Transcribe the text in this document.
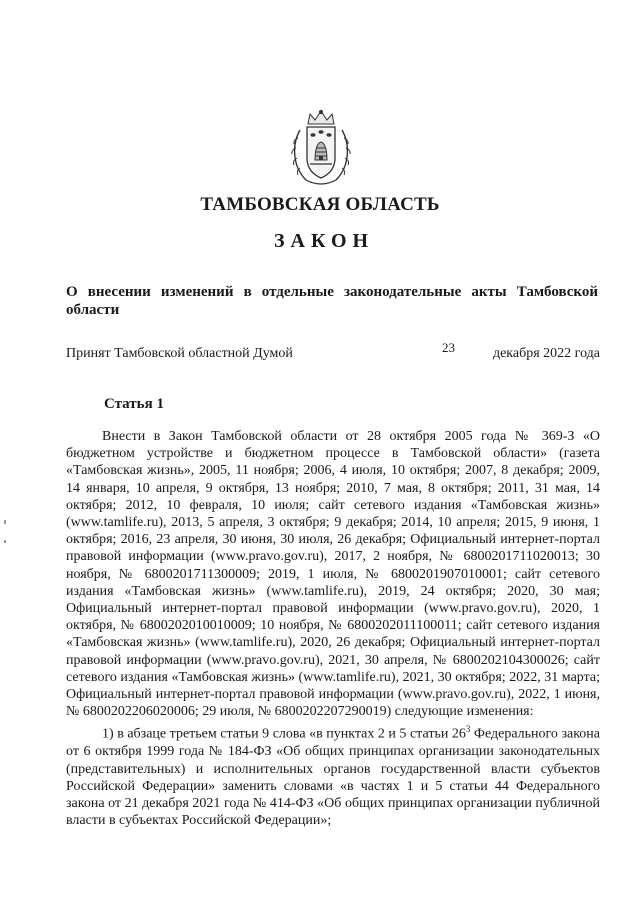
ТАМБОВСКАЯ ОБЛАСТЬ
ЗАКОН
О внесении изменений в отдельные законодательные акты Тамбовской области
Принят Тамбовской областной Думой	23	декабря 2022 года
Статья 1

Внести в Закон Тамбовской области от 28 октября 2005 года № 369-З «О бюджетном устройстве и бюджетном процессе в Тамбовской области» (газета «Тамбовская жизнь», 2005, 11 ноября; 2006, 4 июля, 10 октября; 2007, 8 декабря; 2009, 14 января, 10 апреля, 9 октября, 13 ноября; 2010, 7 мая, 8 октября; 2011, 31 мая, 14 октября; 2012, 10 февраля, 10 июля; сайт сетевого издания «Тамбовская жизнь» (www.tamlife.ru), 2013, 5 апреля, 3 октября; 9 декабря; 2014, 10 апреля; 2015, 9 июня, 1 октября; 2016, 23 апреля, 30 июня, 30 июля, 26 декабря; Официальный интернет-портал правовой информации (www.pravo.gov.ru), 2017, 2 ноября, № 6800201711020013; 30 ноября, № 6800201711300009; 2019, 1 июля, № 6800201907010001; сайт сетевого издания «Тамбовская жизнь» (www.tamlife.ru), 2019, 24 октября; 2020, 30 мая; Официальный интернет-портал правовой информации (www.pravo.gov.ru), 2020, 1 октября, № 6800202010010009; 10 ноября, № 6800202011100011; сайт сетевого издания «Тамбовская жизнь» (www.tamlife.ru), 2020, 26 декабря; Официальный интернет-портал правовой информации (www.pravo.gov.ru), 2021, 30 апреля, № 6800202104300026; сайт сетевого издания «Тамбовская жизнь» (www.tamlife.ru), 2021, 30 октября; 2022, 31 марта; Официальный интернет-портал правовой информации (www.pravo.gov.ru), 2022, 1 июня, № 6800202206020006; 29 июля, № 6800202207290019) следующие изменения:

1) в абзаце третьем статьи 9 слова «в пунктах 2 и 5 статьи $26^3$ Федерального закона от 6 октября 1999 года № 184-ФЗ «Об общих принципах организации законодательных (представительных) и исполнительных органов государственной власти субъектов Российской Федерации» заменить словами «в частях 1 и 5 статьи 44 Федерального закона от 21 декабря 2021 года № 414-ФЗ «Об общих принципах организации публичной власти в субъектах Российской Федерации»;
